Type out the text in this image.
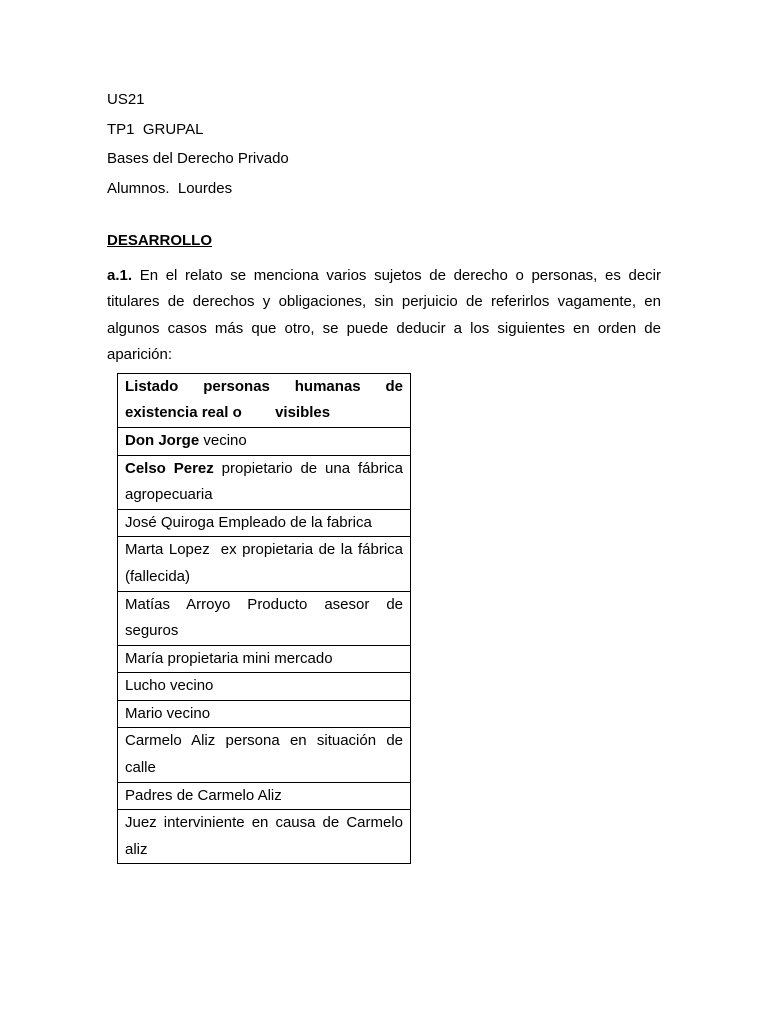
US21

TP1  GRUPAL

Bases del Derecho Privado

Alumnos.  Lourdes

DESARROLLO
a.1. En el relato se menciona varios sujetos de derecho o personas, es decir titulares de derechos y obligaciones, sin perjuicio de referirlos vagamente, en algunos casos más que otro, se puede deducir a los siguientes en orden de aparición:
Listado personas humanas de existencia real o        visibles
Don Jorge vecino
Celso Perez propietario de una fábrica agropecuaria
José Quiroga Empleado de la fabrica
Marta Lopez  ex propietaria de la fábrica (fallecida)
Matías Arroyo Producto asesor de seguros
María propietaria mini mercado
Lucho vecino
Mario vecino
Carmelo Aliz persona en situación de calle
Padres de Carmelo Aliz
Juez interviniente en causa de Carmelo aliz
